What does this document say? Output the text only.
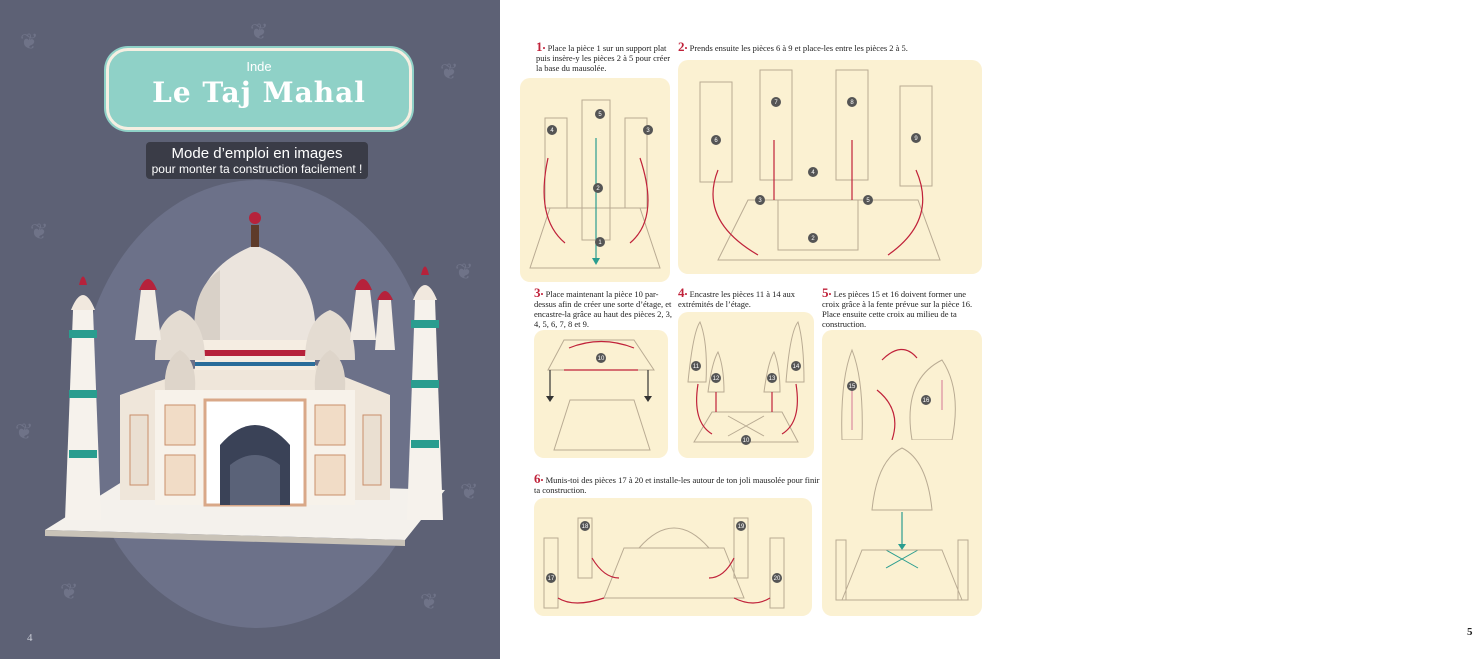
❦
❦
❦
❦
❦
❦
❦	❦
❦
Inde
Le Taj Mahal
Mode d’emploi en images
pour monter ta construction facilement !
4
1• Place la pièce 1 sur un support plat puis insère-y les pièces 2 à 5 pour créer la base du mausolée.
5
4	3
2
1
2• Prends ensuite les pièces 6 à 9 et place-les entre les pièces 2 à 5.
6
7	8
9
2
3
4
5
3• Place maintenant la pièce 10 par-dessus afin de créer une sorte d’étage, et encastre-la grâce au haut des pièces 2, 3, 4, 5, 6, 7, 8 et 9.
10
4• Encastre les pièces 11 à 14 aux extrémités de l’étage.
11
12	13
14
10
5• Les pièces 15 et 16 doivent former une croix grâce à la fente prévue sur la pièce 16. Place ensuite cette croix au milieu de ta construction.
15
16
6• Munis-toi des pièces 17 à 20 et installe-les autour de ton joli mausolée pour finir ta construction.
17
18	19
20
5
